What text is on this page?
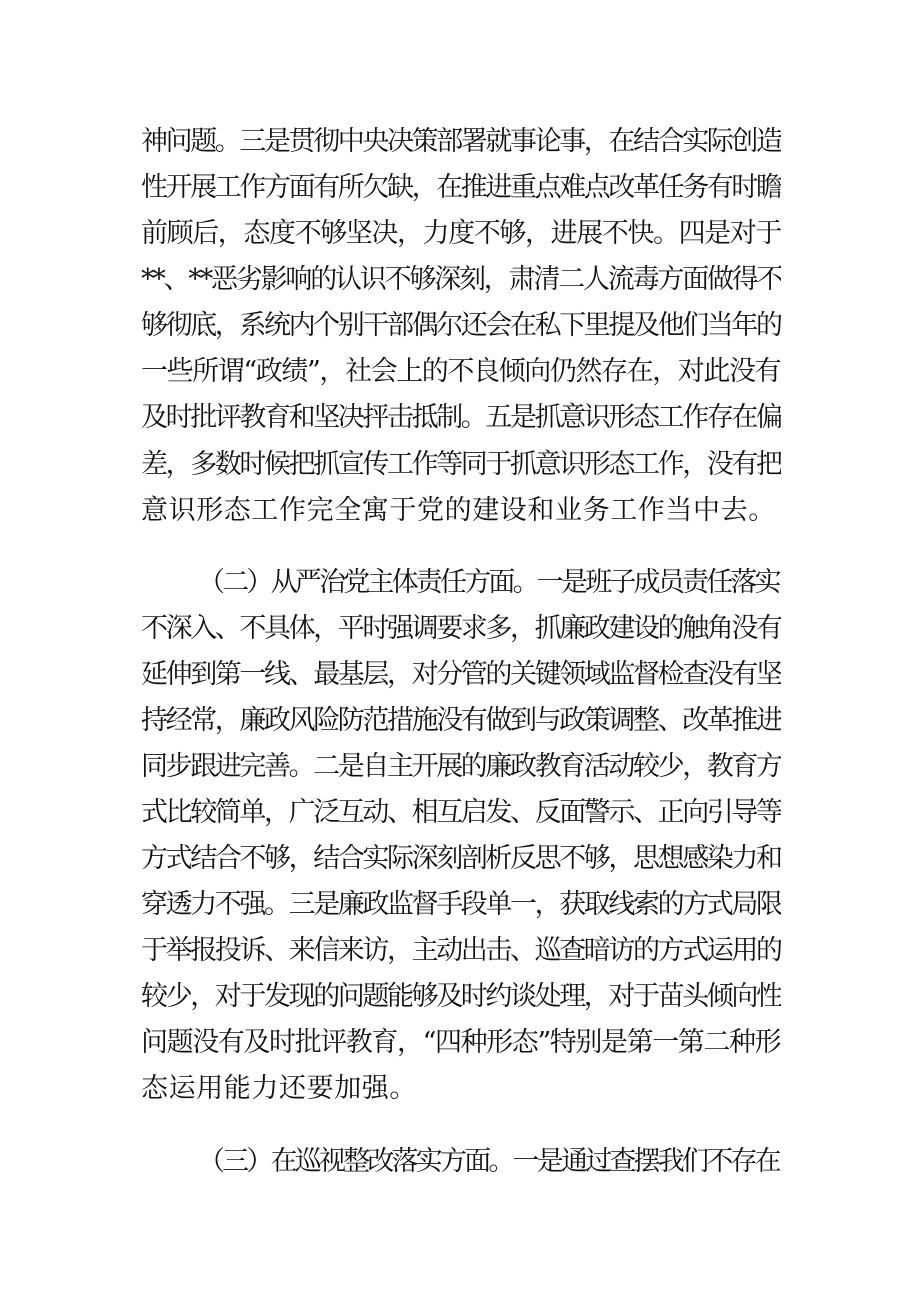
神问题。三是贯彻中央决策部署就事论事，在结合实际创造
性开展工作方面有所欠缺，在推进重点难点改革任务有时瞻
前顾后，态度不够坚决，力度不够，进展不快。四是对于
**、**恶劣影响的认识不够深刻，肃清二人流毒方面做得不
够彻底，系统内个别干部偶尔还会在私下里提及他们当年的
一些所谓“政绩”，社会上的不良倾向仍然存在，对此没有
及时批评教育和坚决抨击抵制。五是抓意识形态工作存在偏
差，多数时候把抓宣传工作等同于抓意识形态工作，没有把
意识形态工作完全寓于党的建设和业务工作当中去。
（二）从严治党主体责任方面。一是班子成员责任落实
不深入、不具体，平时强调要求多，抓廉政建设的触角没有
延伸到第一线、最基层，对分管的关键领域监督检查没有坚
持经常，廉政风险防范措施没有做到与政策调整、改革推进
同步跟进完善。二是自主开展的廉政教育活动较少，教育方
式比较简单，广泛互动、相互启发、反面警示、正向引导等
方式结合不够，结合实际深刻剖析反思不够，思想感染力和
穿透力不强。三是廉政监督手段单一，获取线索的方式局限
于举报投诉、来信来访，主动出击、巡查暗访的方式运用的
较少，对于发现的问题能够及时约谈处理，对于苗头倾向性
问题没有及时批评教育，“四种形态”特别是第一第二种形
态运用能力还要加强。
（三）在巡视整改落实方面。一是通过查摆我们不存在
